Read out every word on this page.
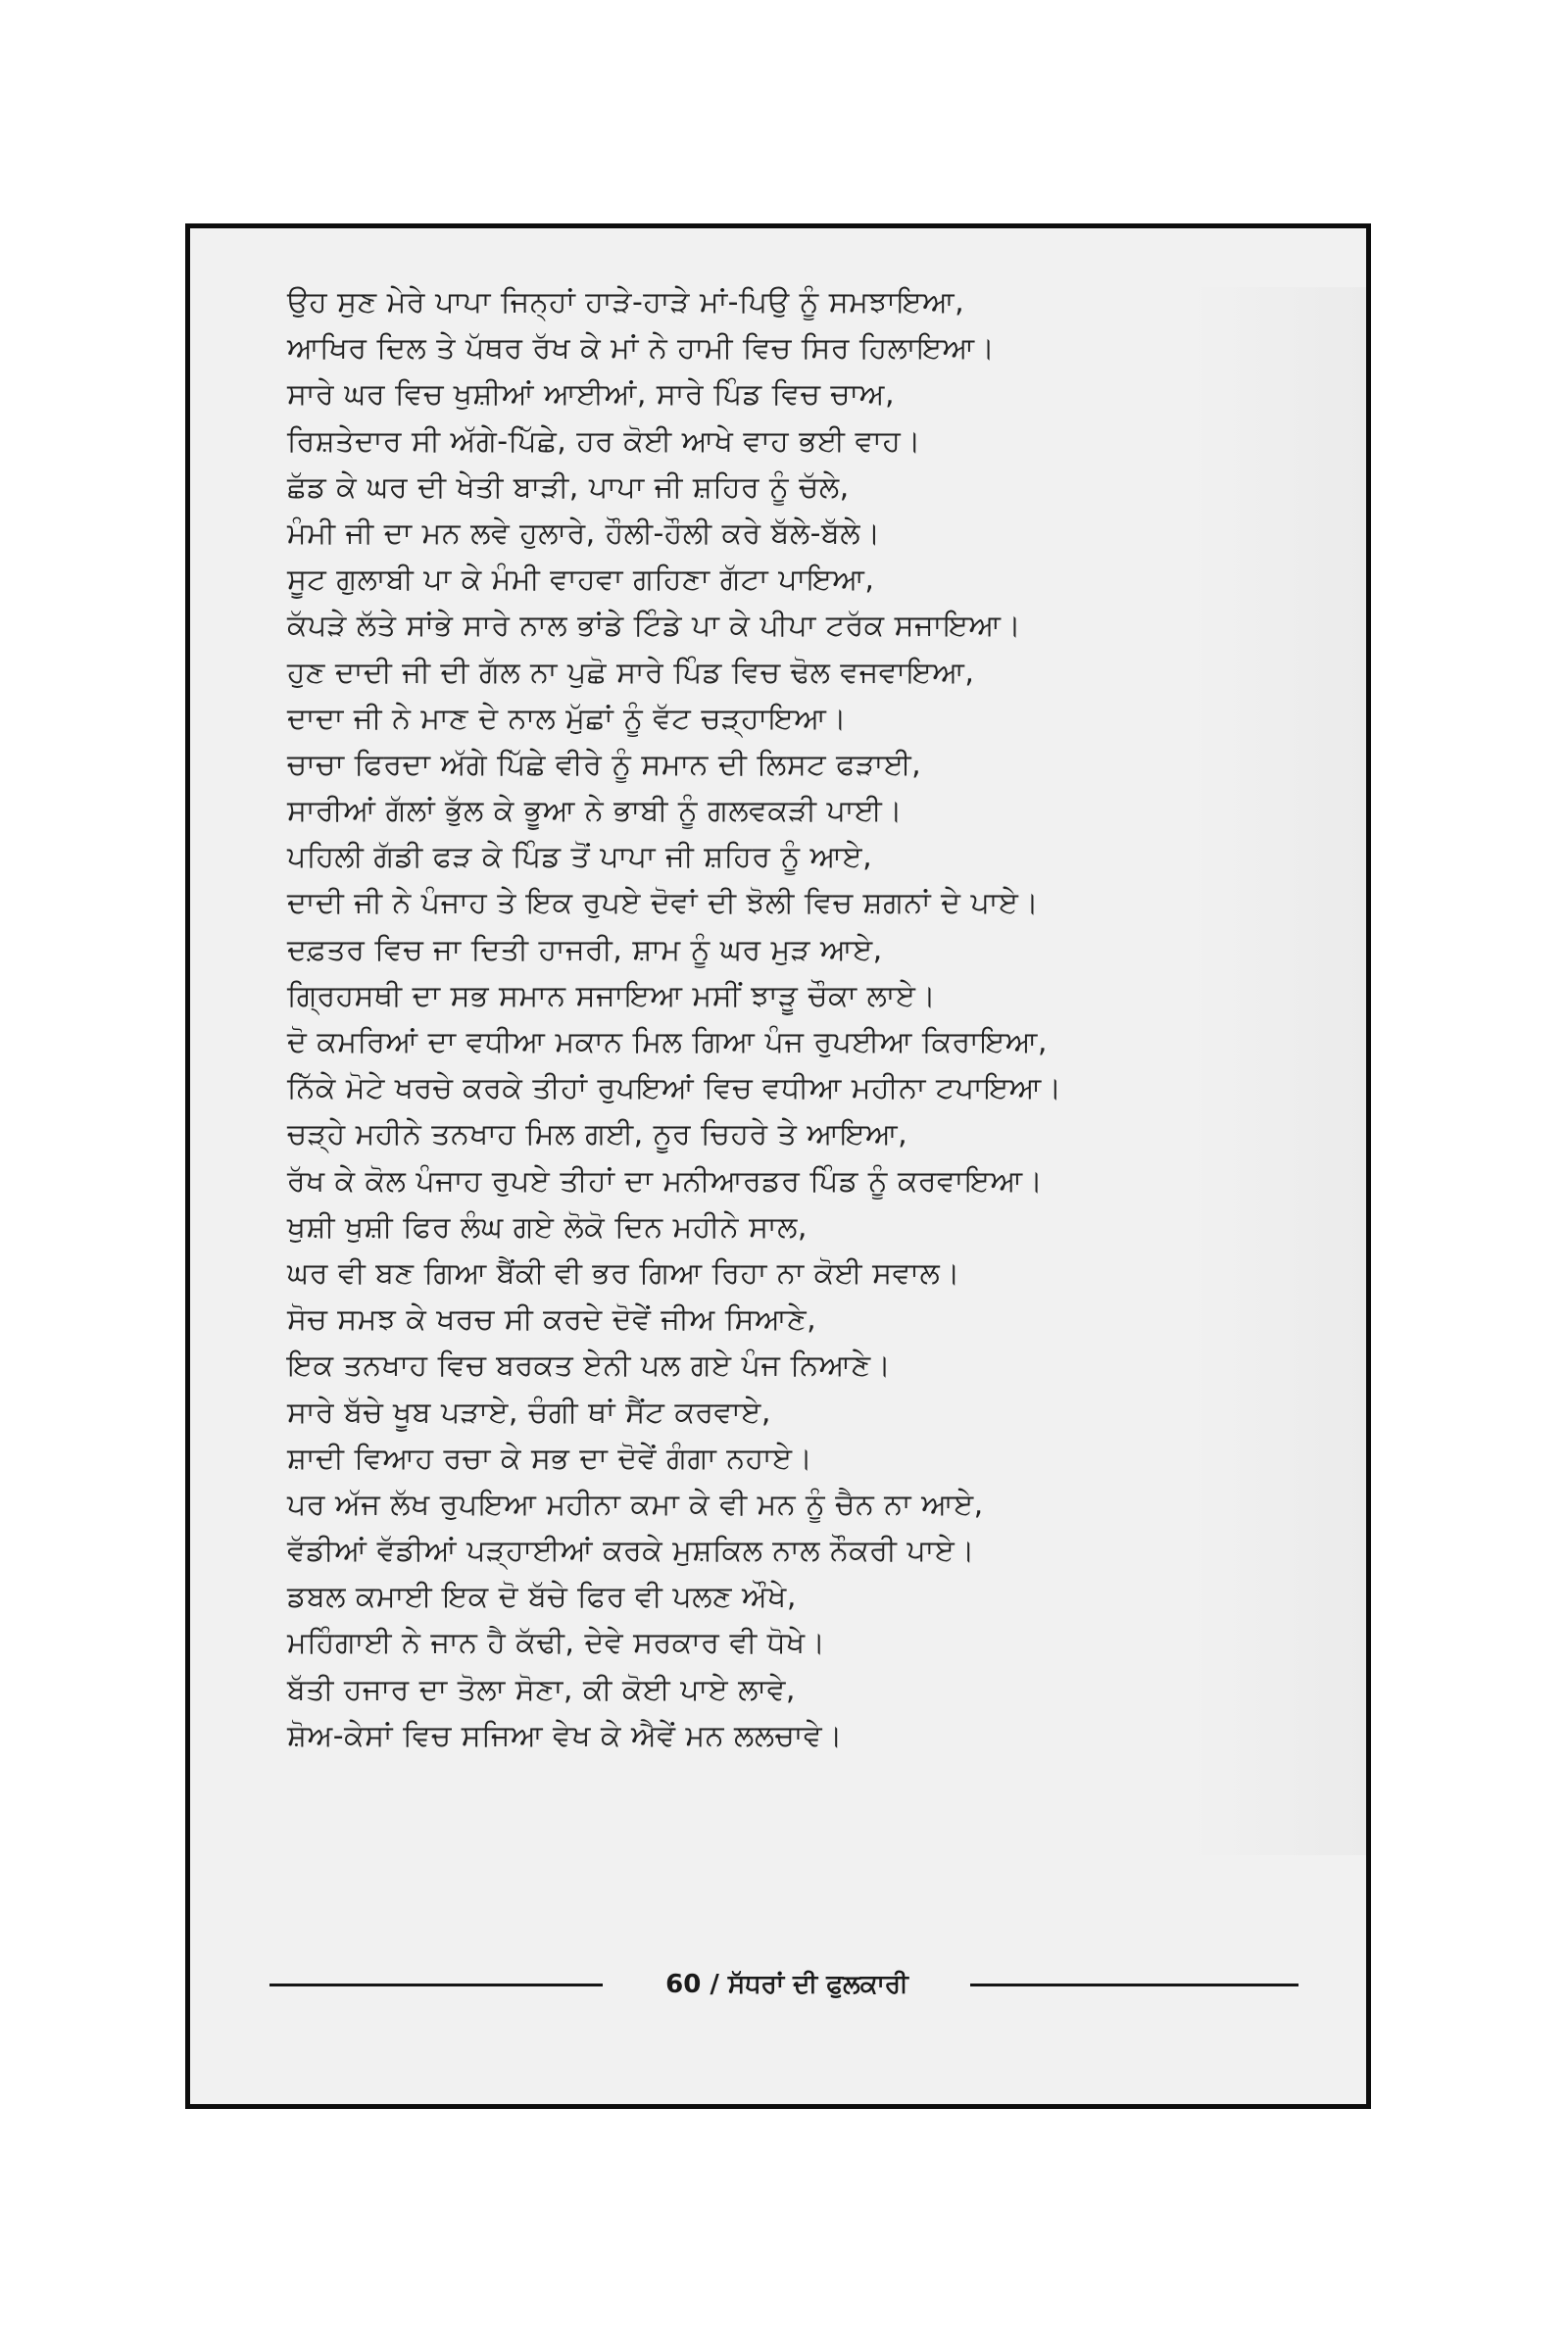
ਉਹ ਸੁਣ ਮੇਰੇ ਪਾਪਾ ਜਿਨ੍ਹਾਂ ਹਾੜੇ-ਹਾੜੇ ਮਾਂ-ਪਿਉ ਨੂੰ ਸਮਝਾਇਆ,
ਆਖਿਰ ਦਿਲ ਤੇ ਪੱਥਰ ਰੱਖ ਕੇ ਮਾਂ ਨੇ ਹਾਮੀ ਵਿਚ ਸਿਰ ਹਿਲਾਇਆ।
ਸਾਰੇ ਘਰ ਵਿਚ ਖੁਸ਼ੀਆਂ ਆਈਆਂ, ਸਾਰੇ ਪਿੰਡ ਵਿਚ ਚਾਅ,
ਰਿਸ਼ਤੇਦਾਰ ਸੀ ਅੱਗੇ-ਪਿੱਛੇ, ਹਰ ਕੋਈ ਆਖੇ ਵਾਹ ਭਈ ਵਾਹ।
ਛੱਡ ਕੇ ਘਰ ਦੀ ਖੇਤੀ ਬਾੜੀ, ਪਾਪਾ ਜੀ ਸ਼ਹਿਰ ਨੂੰ ਚੱਲੇ,
ਮੰਮੀ ਜੀ ਦਾ ਮਨ ਲਵੇ ਹੁਲਾਰੇ, ਹੌਲੀ-ਹੌਲੀ ਕਰੇ ਬੱਲੇ-ਬੱਲੇ।
ਸੂਟ ਗੁਲਾਬੀ ਪਾ ਕੇ ਮੰਮੀ ਵਾਹਵਾ ਗਹਿਣਾ ਗੱਟਾ ਪਾਇਆ,
ਕੱਪੜੇ ਲੱਤੇ ਸਾਂਭੇ ਸਾਰੇ ਨਾਲ ਭਾਂਡੇ ਟਿੰਡੇ ਪਾ ਕੇ ਪੀਪਾ ਟਰੱਕ ਸਜਾਇਆ।
ਹੁਣ ਦਾਦੀ ਜੀ ਦੀ ਗੱਲ ਨਾ ਪੁਛੋ ਸਾਰੇ ਪਿੰਡ ਵਿਚ ਢੋਲ ਵਜਵਾਇਆ,
ਦਾਦਾ ਜੀ ਨੇ ਮਾਣ ਦੇ ਨਾਲ ਮੁੱਛਾਂ ਨੂੰ ਵੱਟ ਚੜ੍ਹਾਇਆ।
ਚਾਚਾ ਫਿਰਦਾ ਅੱਗੇ ਪਿੱਛੇ ਵੀਰੇ ਨੂੰ ਸਮਾਨ ਦੀ ਲਿਸਟ ਫੜਾਈ,
ਸਾਰੀਆਂ ਗੱਲਾਂ ਭੁੱਲ ਕੇ ਭੂਆ ਨੇ ਭਾਬੀ ਨੂੰ ਗਲਵਕੜੀ ਪਾਈ।
ਪਹਿਲੀ ਗੱਡੀ ਫੜ ਕੇ ਪਿੰਡ ਤੋਂ ਪਾਪਾ ਜੀ ਸ਼ਹਿਰ ਨੂੰ ਆਏ,
ਦਾਦੀ ਜੀ ਨੇ ਪੰਜਾਹ ਤੇ ਇਕ ਰੁਪਏ ਦੋਵਾਂ ਦੀ ਝੋਲੀ ਵਿਚ ਸ਼ਗਨਾਂ ਦੇ ਪਾਏ।
ਦਫ਼ਤਰ ਵਿਚ ਜਾ ਦਿਤੀ ਹਾਜਰੀ, ਸ਼ਾਮ ਨੂੰ ਘਰ ਮੁੜ ਆਏ,
ਗ੍ਰਿਹਸਥੀ ਦਾ ਸਭ ਸਮਾਨ ਸਜਾਇਆ ਮਸੀਂ ਝਾੜੂ ਚੌਕਾ ਲਾਏ।
ਦੋ ਕਮਰਿਆਂ ਦਾ ਵਧੀਆ ਮਕਾਨ ਮਿਲ ਗਿਆ ਪੰਜ ਰੁਪਈਆ ਕਿਰਾਇਆ,
ਨਿੱਕੇ ਮੋਟੇ ਖਰਚੇ ਕਰਕੇ ਤੀਹਾਂ ਰੁਪਇਆਂ ਵਿਚ ਵਧੀਆ ਮਹੀਨਾ ਟਪਾਇਆ।
ਚੜ੍ਹੇ ਮਹੀਨੇ ਤਨਖਾਹ ਮਿਲ ਗਈ, ਨੂਰ ਚਿਹਰੇ ਤੇ ਆਇਆ,
ਰੱਖ ਕੇ ਕੋਲ ਪੰਜਾਹ ਰੁਪਏ ਤੀਹਾਂ ਦਾ ਮਨੀਆਰਡਰ ਪਿੰਡ ਨੂੰ ਕਰਵਾਇਆ।
ਖੁਸ਼ੀ ਖੁਸ਼ੀ ਫਿਰ ਲੰਘ ਗਏ ਲੋਕੋ ਦਿਨ ਮਹੀਨੇ ਸਾਲ,
ਘਰ ਵੀ ਬਣ ਗਿਆ ਬੈਂਕੀ ਵੀ ਭਰ ਗਿਆ ਰਿਹਾ ਨਾ ਕੋਈ ਸਵਾਲ।
ਸੋਚ ਸਮਝ ਕੇ ਖਰਚ ਸੀ ਕਰਦੇ ਦੋਵੇਂ ਜੀਅ ਸਿਆਣੇ,
ਇਕ ਤਨਖਾਹ ਵਿਚ ਬਰਕਤ ਏਨੀ ਪਲ ਗਏ ਪੰਜ ਨਿਆਣੇ।
ਸਾਰੇ ਬੱਚੇ ਖੂਬ ਪੜਾਏ, ਚੰਗੀ ਥਾਂ ਸੈਂਟ ਕਰਵਾਏ,
ਸ਼ਾਦੀ ਵਿਆਹ ਰਚਾ ਕੇ ਸਭ ਦਾ ਦੋਵੇਂ ਗੰਗਾ ਨਹਾਏ।
ਪਰ ਅੱਜ ਲੱਖ ਰੁਪਇਆ ਮਹੀਨਾ ਕਮਾ ਕੇ ਵੀ ਮਨ ਨੂੰ ਚੈਨ ਨਾ ਆਏ,
ਵੱਡੀਆਂ ਵੱਡੀਆਂ ਪੜ੍ਹਾਈਆਂ ਕਰਕੇ ਮੁਸ਼ਕਿਲ ਨਾਲ ਨੌਕਰੀ ਪਾਏ।
ਡਬਲ ਕਮਾਈ ਇਕ ਦੋ ਬੱਚੇ ਫਿਰ ਵੀ ਪਲਣ ਔਖੇ,
ਮਹਿੰਗਾਈ ਨੇ ਜਾਨ ਹੈ ਕੱਢੀ, ਦੇਵੇ ਸਰਕਾਰ ਵੀ ਧੋਖੇ।
ਬੱਤੀ ਹਜਾਰ ਦਾ ਤੋਲਾ ਸੋਣਾ, ਕੀ ਕੋਈ ਪਾਏ ਲਾਵੇ,
ਸ਼ੋਅ-ਕੇਸਾਂ ਵਿਚ ਸਜਿਆ ਵੇਖ ਕੇ ਐਵੇਂ ਮਨ ਲਲਚਾਵੇ।
60 / ਸੱਧਰਾਂ ਦੀ ਫੁਲਕਾਰੀ
